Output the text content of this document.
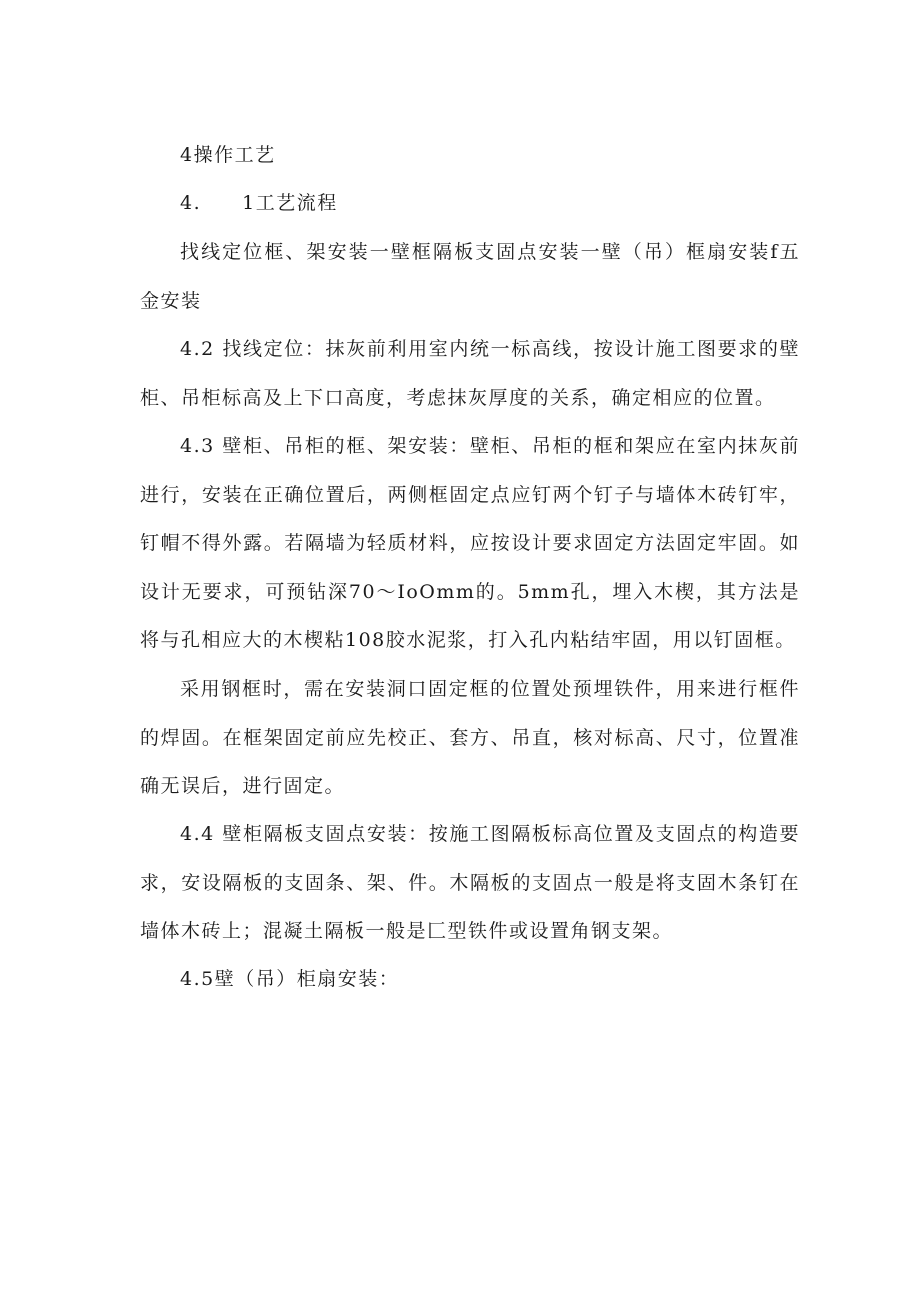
4操作工艺

4.　　1工艺流程

找线定位框、架安装一壁框隔板支固点安装一壁（吊）框扇安装f五金安装

4.2 找线定位：抹灰前利用室内统一标高线，按设计施工图要求的壁柜、吊柜标高及上下口高度，考虑抹灰厚度的关系，确定相应的位置。

4.3 壁柜、吊柜的框、架安装：壁柜、吊柜的框和架应在室内抹灰前进行，安装在正确位置后，两侧框固定点应钉两个钉子与墙体木砖钉牢，钉帽不得外露。若隔墙为轻质材料，应按设计要求固定方法固定牢固。如设计无要求，可预钻深70～IoOmm的。5mm孔，埋入木楔，其方法是将与孔相应大的木楔粘108胶水泥浆，打入孔内粘结牢固，用以钉固框。

采用钢框时，需在安装洞口固定框的位置处预埋铁件，用来进行框件的焊固。在框架固定前应先校正、套方、吊直，核对标高、尺寸，位置准确无误后，进行固定。

4.4 壁柜隔板支固点安装：按施工图隔板标高位置及支固点的构造要求，安设隔板的支固条、架、件。木隔板的支固点一般是将支固木条钉在墙体木砖上；混凝土隔板一般是匚型铁件或设置角钢支架。

4.5壁（吊）柜扇安装：
